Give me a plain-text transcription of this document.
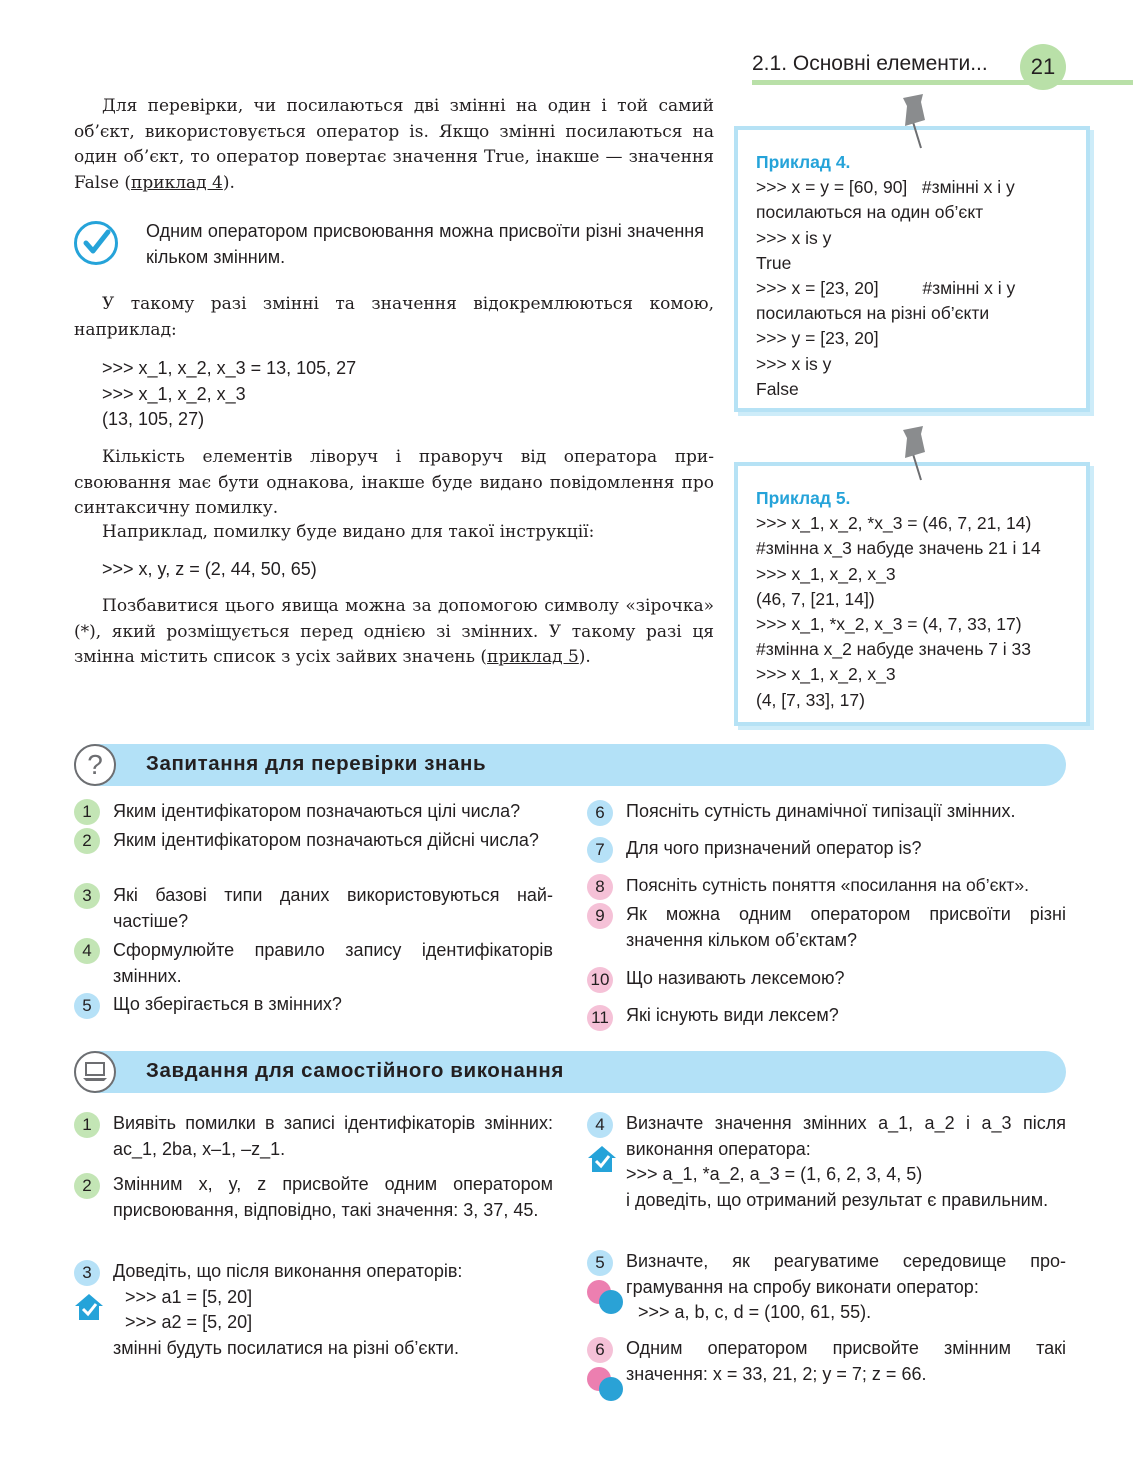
2.1. Основні елементи...	21
Для перевірки, чи посилаються дві змінні на один і той самий об’єкт, використовується оператор is. Якщо змінні посилаються на один об’єкт, то оператор повертає значення True, інакше — значення False (приклад 4).
Одним оператором присвоювання можна присвоїти різні значення кільком змінним.
У такому разі змінні та значення відокремлюються комою, наприклад:
>>> x_1, x_2, x_3 = 13, 105, 27
>>> x_1, x_2, x_3
(13, 105, 27)
Кількість елементів ліворуч і праворуч від оператора присвоювання має бути однакова, інакше буде видано повідомлення про синтаксичну помилку.
Наприклад, помилку буде видано для такої інструкції:
>>> x, y, z = (2, 44, 50, 65)
Позбавитися цього явища можна за допомогою символу «зірочка» (*), який розміщується перед однією зі змінних. У такому разі ця змінна містить список з усіх зайвих значень (приклад 5).
Приклад 4.
>>> x = y = [60, 90]   #змінні x і y
посилаються на один об’єкт
>>> x is y
True
>>> x = [23, 20]         #змінні x і y
посилаються на різні об’єкти
>>> y = [23, 20]
>>> x is y
False
Приклад 5.
>>> x_1, x_2, *x_3 = (46, 7, 21, 14)
#змінна x_3 набуде значень 21 і 14
>>> x_1, x_2, x_3
(46, 7, [21, 14])
>>> x_1, *x_2, x_3 = (4, 7, 33, 17)
#змінна x_2 набуде значень 7 і 33
>>> x_1, x_2, x_3
(4, [7, 33], 17)
?	Запитання для перевірки знань
1	Яким ідентифікатором позначаються цілі числа?
2	Яким ідентифікатором позначаються дійсні числа?
3	Які базові типи даних використовуються найчастіше?
4	Сформулюйте правило запису ідентифікаторів змінних.
5	Що зберігається в змінних?
6	Поясніть сутність динамічної типізації змінних.
7	Для чого призначений оператор is?
8	Поясніть сутність поняття «посилання на об’єкт».
9	Як можна одним оператором присвоїти різні значення кільком об’єктам?
10 Що називають лексемою?
11 Які існують види лексем?
Завдання для самостійного виконання
1	Виявіть помилки в записі ідентифікаторів змінних: ac_1, 2ba, x–1, –z_1.
2	Змінним x, y, z присвойте одним оператором присвоювання, відповідно, такі значення: 3, 37, 45.
3	Доведіть, що після виконання операторів:
>>> a1 = [5, 20]
>>> a2 = [5, 20]
змінні будуть посилатися на різні об’єкти.
4	Визначте значення змінних a_1, a_2 і a_3 після виконання оператора:
>>> a_1, *a_2, a_3 = (1, 6, 2, 3, 4, 5)
і доведіть, що отриманий результат є правильним.
5	Визначте, як реагуватиме середовище програмування на спробу виконати оператор:
>>> a, b, c, d = (100, 61, 55).
6	Одним оператором присвойте змінним такі значення: x = 33, 21, 2; y = 7; z = 66.
